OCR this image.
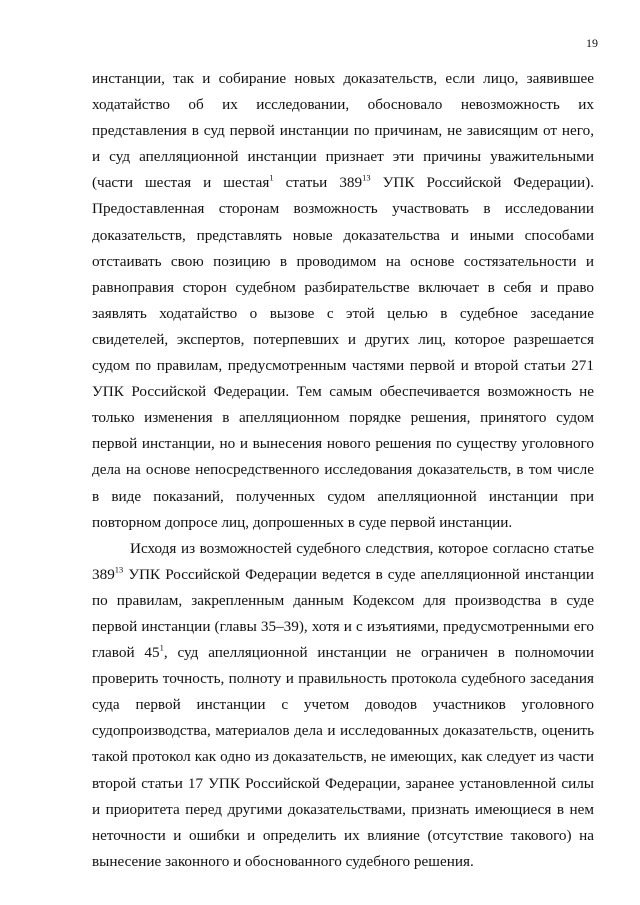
19

инстанции, так и собирание новых доказательств, если лицо, заявившее ходатайство об их исследовании, обосновало невозможность их представления в суд первой инстанции по причинам, не зависящим от него, и суд апелляционной инстанции признает эти причины уважительными (части шестая и шестая$^1$ статьи $389^{13}$ УПК Российской Федерации). Предоставленная сторонам возможность участвовать в исследовании доказательств, представлять новые доказательства и иными способами отстаивать свою позицию в проводимом на основе состязательности и равноправия сторон судебном разбирательстве включает в себя и право заявлять ходатайство о вызове с этой целью в судебное заседание свидетелей, экспертов, потерпевших и других лиц, которое разрешается судом по правилам, предусмотренным частями первой и второй статьи 271 УПК Российской Федерации. Тем самым обеспечивается возможность не только изменения в апелляционном порядке решения, принятого судом первой инстанции, но и вынесения нового решения по существу уголовного дела на основе непосредственного исследования доказательств, в том числе в виде показаний, полученных судом апелляционной инстанции при повторном допросе лиц, допрошенных в суде первой инстанции.

Исходя из возможностей судебного следствия, которое согласно статье $389^{13}$ УПК Российской Федерации ведется в суде апелляционной инстанции по правилам, закрепленным данным Кодексом для производства в суде первой инстанции (главы 35–39), хотя и с изъятиями, предусмотренными его главой $45^1$, суд апелляционной инстанции не ограничен в полномочии проверить точность, полноту и правильность протокола судебного заседания суда первой инстанции с учетом доводов участников уголовного судопроизводства, материалов дела и исследованных доказательств, оценить такой протокол как одно из доказательств, не имеющих, как следует из части второй статьи 17 УПК Российской Федерации, заранее установленной силы и приоритета перед другими доказательствами, признать имеющиеся в нем неточности и ошибки и определить их влияние (отсутствие такового) на вынесение законного и обоснованного судебного решения.
